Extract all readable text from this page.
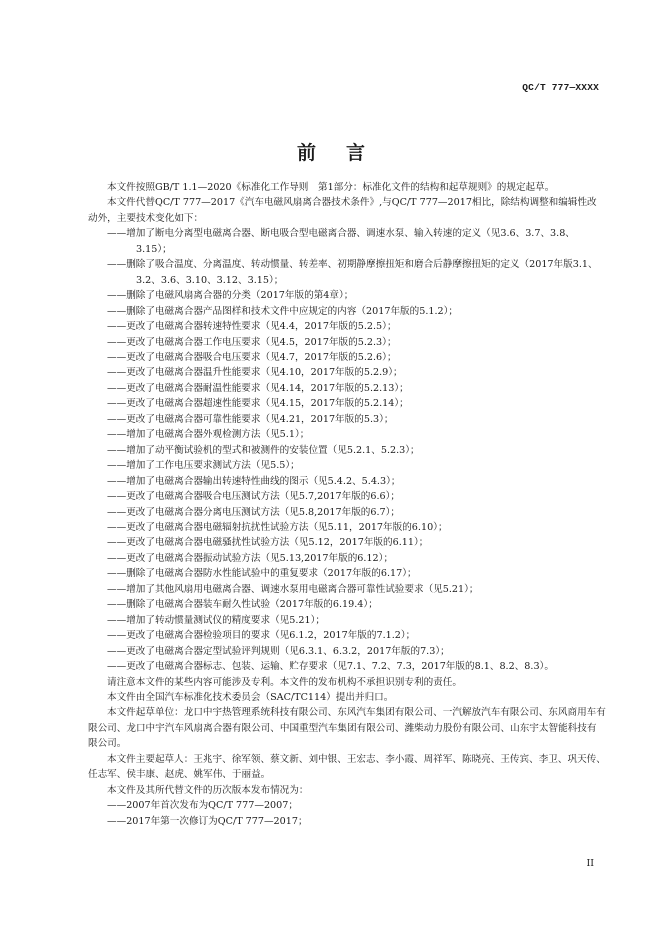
QC/T 777—XXXX
前言

本文件按照GB/T 1.1—2020《标准化工作导则　第1部分：标准化文件的结构和起草规则》的规定起草。

本文件代替QC/T 777—2017《汽车电磁风扇离合器技术条件》,与QC/T 777—2017相比，除结构调整和编辑性改动外，主要技术变化如下：

——增加了断电分离型电磁离合器、断电吸合型电磁离合器、调速水泵、输入转速的定义（见3.6、3.7、3.8、3.15）；

——删除了吸合温度、分离温度、转动惯量、转差率、初期静摩擦扭矩和磨合后静摩擦扭矩的定义（2017年版3.1、3.2、3.6、3.10、3.12、3.15）；

——删除了电磁风扇离合器的分类（2017年版的第4章）；

——删除了电磁离合器产品图样和技术文件中应规定的内容（2017年版的5.1.2）；

——更改了电磁离合器转速特性要求（见4.4，2017年版的5.2.5）；

——更改了电磁离合器工作电压要求（见4.5，2017年版的5.2.3）；

——更改了电磁离合器吸合电压要求（见4.7，2017年版的5.2.6）；

——更改了电磁离合器温升性能要求（见4.10，2017年版的5.2.9）；

——更改了电磁离合器耐温性能要求（见4.14，2017年版的5.2.13）；

——更改了电磁离合器超速性能要求（见4.15，2017年版的5.2.14）；

——更改了电磁离合器可靠性能要求（见4.21，2017年版的5.3）；

——增加了电磁离合器外观检测方法（见5.1）；

——增加了动平衡试验机的型式和被测件的安装位置（见5.2.1、5.2.3）；

——增加了工作电压要求测试方法（见5.5）；

——增加了电磁离合器输出转速特性曲线的图示（见5.4.2、5.4.3）；

——更改了电磁离合器吸合电压测试方法（见5.7,2017年版的6.6）；

——更改了电磁离合器分离电压测试方法（见5.8,2017年版的6.7）；

——更改了电磁离合器电磁辐射抗扰性试验方法（见5.11，2017年版的6.10）；

——更改了电磁离合器电磁骚扰性试验方法（见5.12，2017年版的6.11）；

——更改了电磁离合器振动试验方法（见5.13,2017年版的6.12）；

——删除了电磁离合器防水性能试验中的重复要求（2017年版的6.17）；

——增加了其他风扇用电磁离合器、调速水泵用电磁离合器可靠性试验要求（见5.21）；

——删除了电磁离合器装车耐久性试验（2017年版的6.19.4）；

——增加了转动惯量测试仪的精度要求（见5.21）；

——更改了电磁离合器检验项目的要求（见6.1.2，2017年版的7.1.2）；

——更改了电磁离合器定型试验评判规则（见6.3.1、6.3.2，2017年版的7.3）；

——更改了电磁离合器标志、包装、运输、贮存要求（见7.1、7.2、7.3，2017年版的8.1、8.2、8.3）。

请注意本文件的某些内容可能涉及专利。本文件的发布机构不承担识别专利的责任。

本文件由全国汽车标准化技术委员会（SAC/TC114）提出并归口。

本文件起草单位：龙口中宇热管理系统科技有限公司、东风汽车集团有限公司、一汽解放汽车有限公司、东风商用车有限公司、龙口中宇汽车风扇离合器有限公司、中国重型汽车集团有限公司、潍柴动力股份有限公司、山东宇太智能科技有限公司。

本文件主要起草人：王兆宇、徐军领、蔡文新、刘中银、王宏志、李小霞、周祥军、陈晓亮、王传宾、李卫、巩天传、任志军、侯丰康、赵虎、姚军伟、于丽益。

本文件及其所代替文件的历次版本发布情况为：

——2007年首次发布为QC/T 777—2007；

——2017年第一次修订为QC/T 777—2017；

II
